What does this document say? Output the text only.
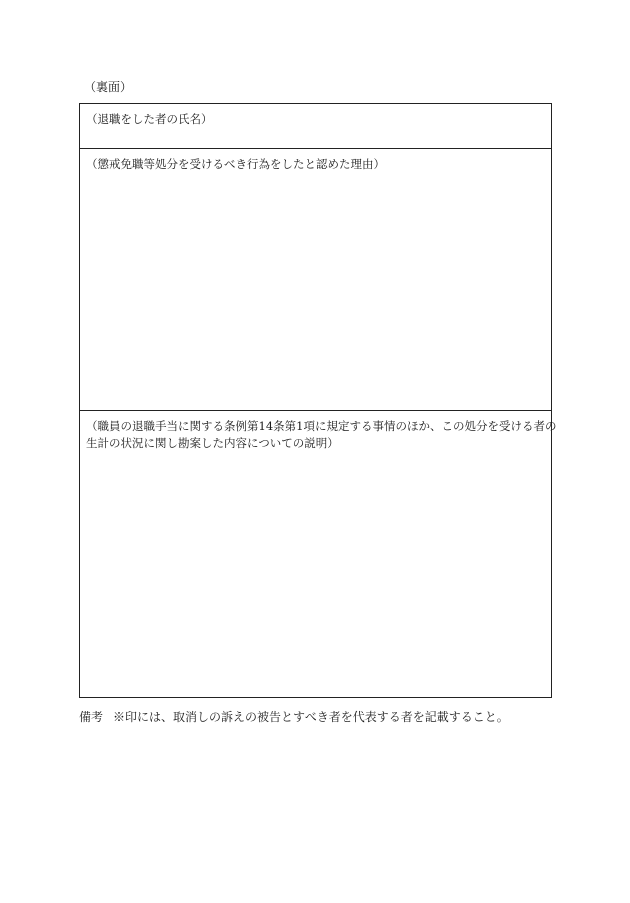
（裏面）
（退職をした者の氏名）
（懲戒免職等処分を受けるべき行為をしたと認めた理由）
（職員の退職手当に関する条例第14条第1項に規定する事情のほか、この処分を受ける者の
生計の状況に関し勘案した内容についての説明）
備考 ※印には、取消しの訴えの被告とすべき者を代表する者を記載すること。
